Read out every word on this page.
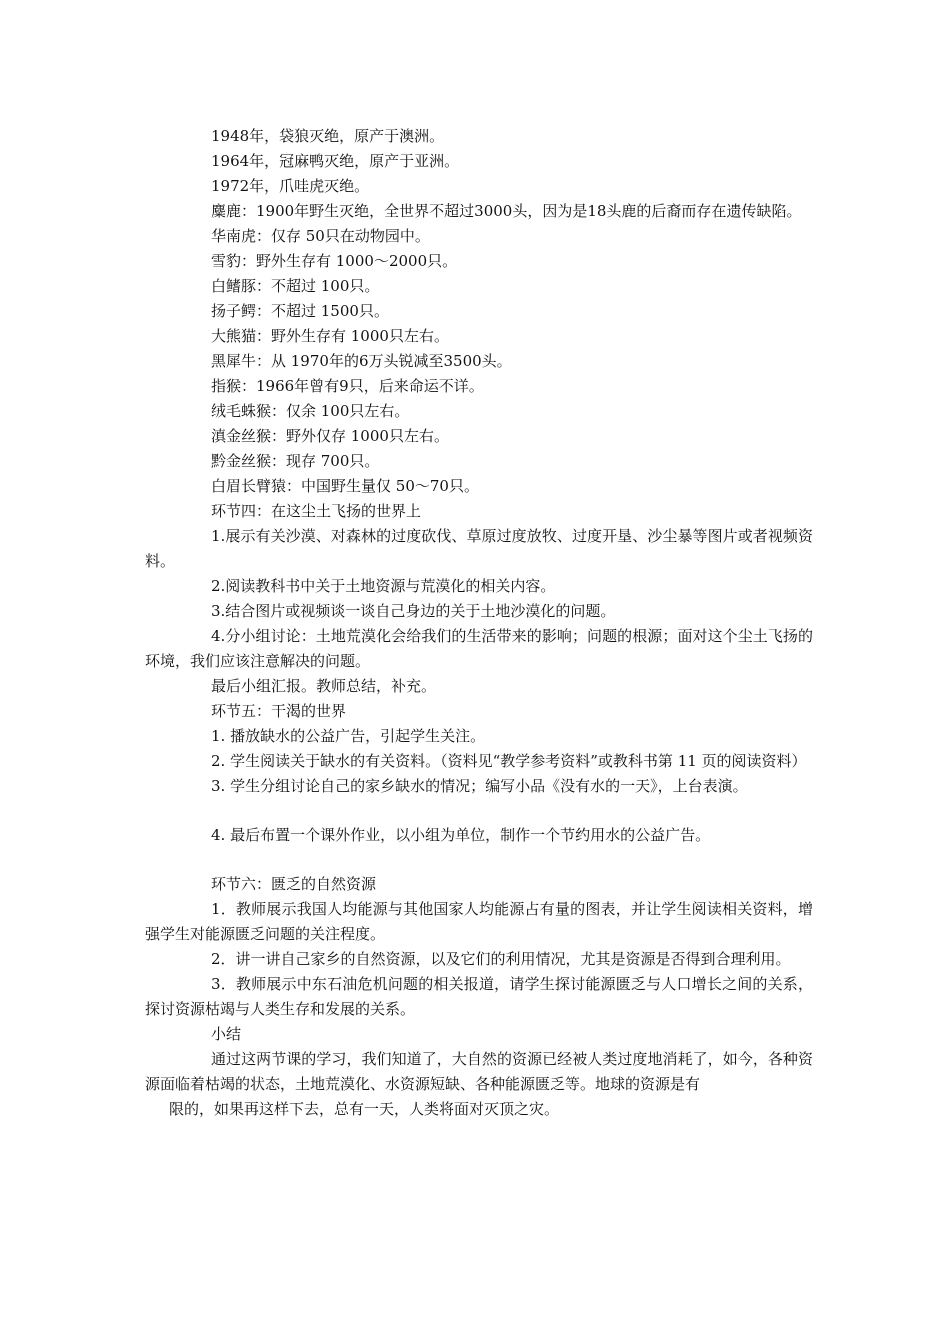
1948年，袋狼灭绝，原产于澳洲。
1964年，冠麻鸭灭绝，原产于亚洲。
1972年，爪哇虎灭绝。
麋鹿：1900年野生灭绝，全世界不超过3000头，因为是18头鹿的后裔而存在遗传缺陷。
华南虎：仅存 50只在动物园中。
雪豹：野外生存有 1000～2000只。
白鳍豚：不超过 100只。
扬子鳄：不超过 1500只。
大熊猫：野外生存有 1000只左右。
黑犀牛：从 1970年的6万头锐减至3500头。
指猴：1966年曾有9只，后来命运不详。
绒毛蛛猴：仅余 100只左右。
滇金丝猴：野外仅存 1000只左右。
黔金丝猴：现存 700只。
白眉长臂猿：中国野生量仅 50～70只。
环节四：在这尘土飞扬的世界上
1.展示有关沙漠、对森林的过度砍伐、草原过度放牧、过度开垦、沙尘暴等图片或者视频资料。
2.阅读教科书中关于土地资源与荒漠化的相关内容。
3.结合图片或视频谈一谈自己身边的关于土地沙漠化的问题。
4.分小组讨论：土地荒漠化会给我们的生活带来的影响；问题的根源；面对这个尘土飞扬的环境，我们应该注意解决的问题。
最后小组汇报。教师总结，补充。
环节五：干渴的世界
1. 播放缺水的公益广告，引起学生关注。
2. 学生阅读关于缺水的有关资料。（资料见“教学参考资料”或教科书第 11 页的阅读资料）
3. 学生分组讨论自己的家乡缺水的情况；编写小品《没有水的一天》，上台表演。
4. 最后布置一个课外作业，以小组为单位，制作一个节约用水的公益广告。
环节六：匮乏的自然资源
1．教师展示我国人均能源与其他国家人均能源占有量的图表，并让学生阅读相关资料，增强学生对能源匮乏问题的关注程度。
2．讲一讲自己家乡的自然资源，以及它们的利用情况，尤其是资源是否得到合理利用。
3．教师展示中东石油危机问题的相关报道，请学生探讨能源匮乏与人口增长之间的关系，探讨资源枯竭与人类生存和发展的关系。
小结
通过这两节课的学习，我们知道了，大自然的资源已经被人类过度地消耗了，如今，各种资源面临着枯竭的状态，土地荒漠化、水资源短缺、各种能源匮乏等。地球的资源是有
限的，如果再这样下去，总有一天，人类将面对灭顶之灾。
